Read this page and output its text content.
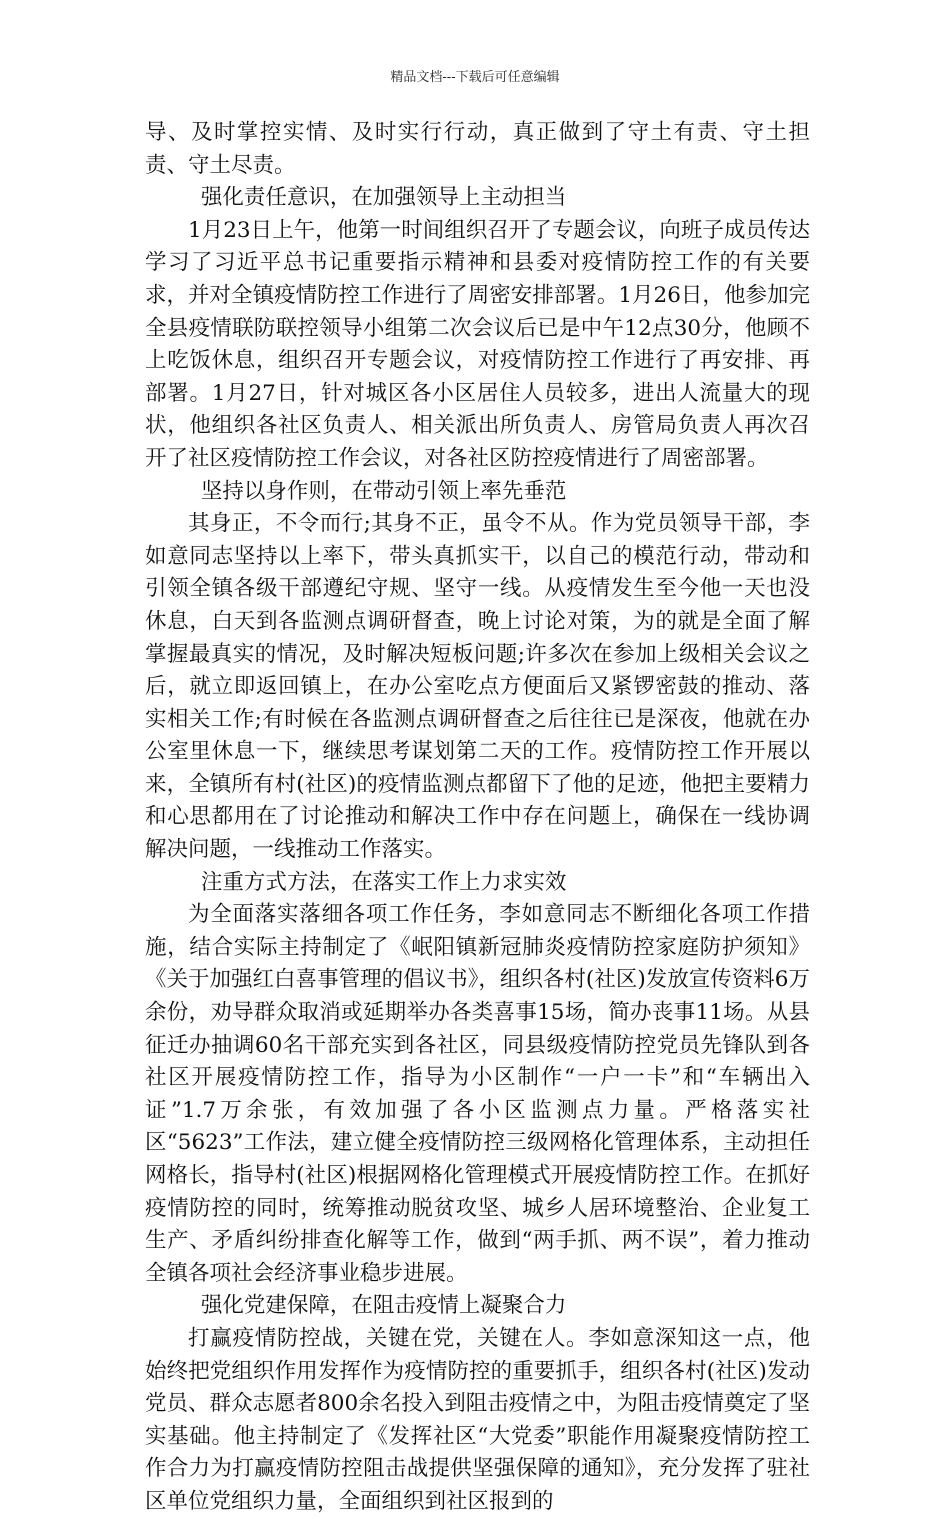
精品文档---下载后可任意编辑

导、及时掌控实情、及时实行行动，真正做到了守土有责、守土担责、守土尽责。

强化责任意识，在加强领导上主动担当

1月23日上午，他第一时间组织召开了专题会议，向班子成员传达学习了习近平总书记重要指示精神和县委对疫情防控工作的有关要求，并对全镇疫情防控工作进行了周密安排部署。1月26日，他参加完全县疫情联防联控领导小组第二次会议后已是中午12点30分，他顾不上吃饭休息，组织召开专题会议，对疫情防控工作进行了再安排、再部署。1月27日，针对城区各小区居住人员较多，进出人流量大的现状，他组织各社区负责人、相关派出所负责人、房管局负责人再次召开了社区疫情防控工作会议，对各社区防控疫情进行了周密部署。

坚持以身作则，在带动引领上率先垂范

其身正，不令而行;其身不正，虽令不从。作为党员领导干部，李如意同志坚持以上率下，带头真抓实干，以自己的模范行动，带动和引领全镇各级干部遵纪守规、坚守一线。从疫情发生至今他一天也没休息，白天到各监测点调研督查，晚上讨论对策，为的就是全面了解掌握最真实的情况，及时解决短板问题;许多次在参加上级相关会议之后，就立即返回镇上，在办公室吃点方便面后又紧锣密鼓的推动、落实相关工作;有时候在各监测点调研督查之后往往已是深夜，他就在办公室里休息一下，继续思考谋划第二天的工作。疫情防控工作开展以来，全镇所有村(社区)的疫情监测点都留下了他的足迹，他把主要精力和心思都用在了讨论推动和解决工作中存在问题上，确保在一线协调解决问题，一线推动工作落实。

注重方式方法，在落实工作上力求实效

为全面落实落细各项工作任务，李如意同志不断细化各项工作措施，结合实际主持制定了《岷阳镇新冠肺炎疫情防控家庭防护须知》《关于加强红白喜事管理的倡议书》，组织各村(社区)发放宣传资料6万余份，劝导群众取消或延期举办各类喜事15场，简办丧事11场。从县征迁办抽调60名干部充实到各社区，同县级疫情防控党员先锋队到各社区开展疫情防控工作，指导为小区制作“一户一卡”和“车辆出入证”1.7万余张，有效加强了各小区监测点力量。严格落实社区“5623”工作法，建立健全疫情防控三级网格化管理体系，主动担任网格长，指导村(社区)根据网格化管理模式开展疫情防控工作。在抓好疫情防控的同时，统筹推动脱贫攻坚、城乡人居环境整治、企业复工生产、矛盾纠纷排查化解等工作，做到“两手抓、两不误”，着力推动全镇各项社会经济事业稳步进展。

强化党建保障，在阻击疫情上凝聚合力

打赢疫情防控战，关键在党，关键在人。李如意深知这一点，他始终把党组织作用发挥作为疫情防控的重要抓手，组织各村(社区)发动党员、群众志愿者800余名投入到阻击疫情之中，为阻击疫情奠定了坚实基础。他主持制定了《发挥社区“大党委”职能作用凝聚疫情防控工作合力为打赢疫情防控阻击战提供坚强保障的通知》，充分发挥了驻社区单位党组织力量，全面组织到社区报到的
